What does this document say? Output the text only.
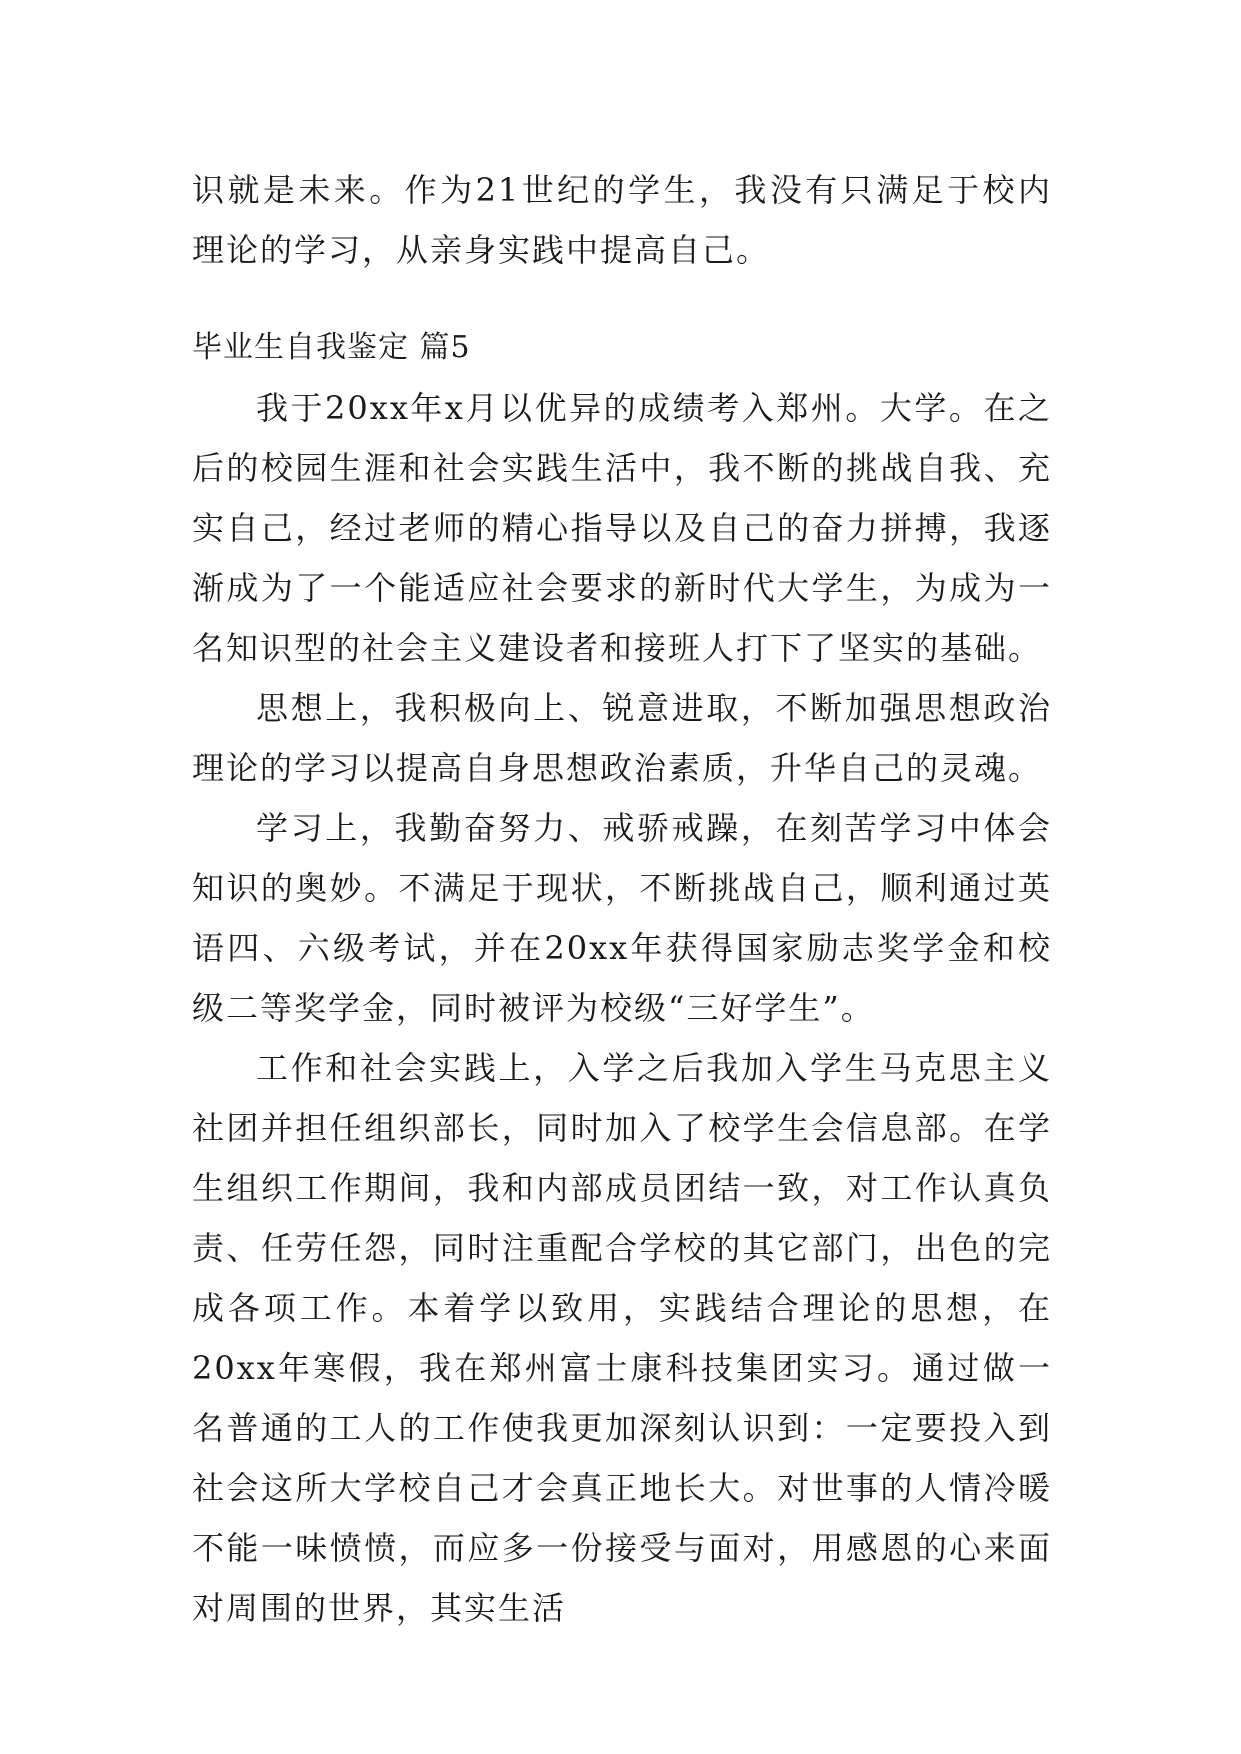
识就是未来。作为21世纪的学生，我没有只满足于校内理论的学习，从亲身实践中提高自己。

毕业生自我鉴定 篇5

我于20xx年x月以优异的成绩考入郑州。大学。在之后的校园生涯和社会实践生活中，我不断的挑战自我、充实自己，经过老师的精心指导以及自己的奋力拼搏，我逐渐成为了一个能适应社会要求的新时代大学生，为成为一名知识型的社会主义建设者和接班人打下了坚实的基础。

思想上，我积极向上、锐意进取，不断加强思想政治理论的学习以提高自身思想政治素质，升华自己的灵魂。

学习上，我勤奋努力、戒骄戒躁，在刻苦学习中体会知识的奥妙。不满足于现状，不断挑战自己，顺利通过英语四、六级考试，并在20xx年获得国家励志奖学金和校级二等奖学金，同时被评为校级“三好学生”。

工作和社会实践上，入学之后我加入学生马克思主义社团并担任组织部长，同时加入了校学生会信息部。在学生组织工作期间，我和内部成员团结一致，对工作认真负责、任劳任怨，同时注重配合学校的其它部门，出色的完成各项工作。本着学以致用，实践结合理论的思想，在20xx年寒假，我在郑州富士康科技集团实习。通过做一名普通的工人的工作使我更加深刻认识到：一定要投入到社会这所大学校自己才会真正地长大。对世事的人情冷暖不能一味愤愤，而应多一份接受与面对，用感恩的心来面对周围的世界，其实生活
